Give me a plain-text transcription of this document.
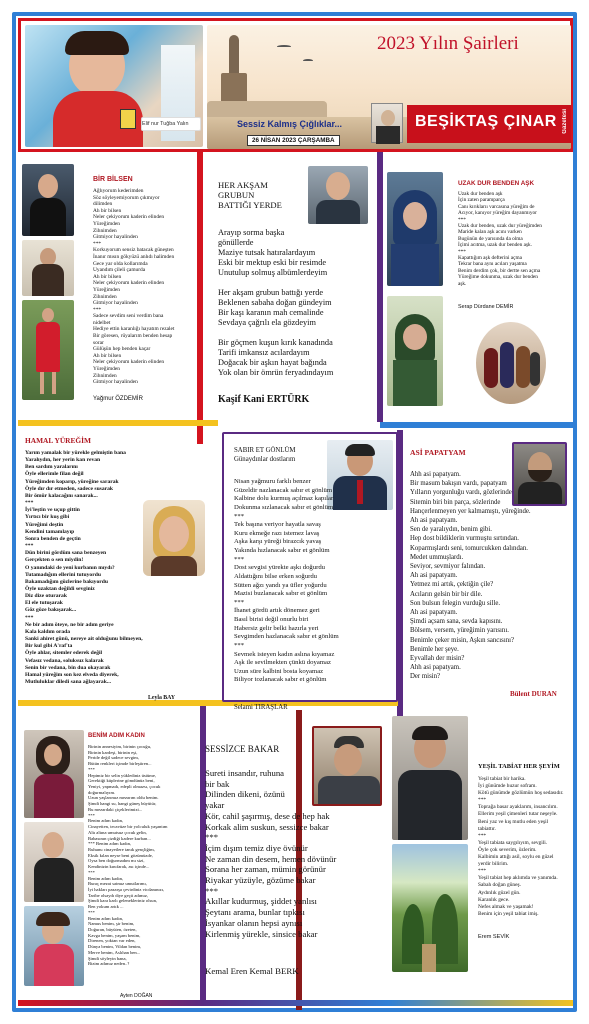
Elif nur Tuğba Yalın
2023 Yılın Şairleri
Sessiz Kalmış Çığlıklar...
26 NİSAN 2023 ÇARŞAMBA
BEŞİKTAŞ ÇINAR Gazetesi
BİR BİLSEN
Ağlıyorum kederimden
Söz söyleyemiyorum çıkmıyor
dilimden
Ah bir bilsen
Neler çekiyorum kaderin elinden
Yüreğimden
Zihnimden
Gitmiyor hayalinden
***
Korkuyorum sensiz batacak güneşten
İnanır mısın gökyüzü anlıdı halimden
Gece yar olda kollarımda
Uyandım çileli çamurda
Ah bir bilsen
Neler çekiyorum kaderin elinden
Yüreğimden
Zihnimden
Gitmiyor hayalinden
***
Sadece sevdim seni verdim bana
nidelbet
Hediye ettin karanlığı hayatım rezalet
Bir göresen, rüyalarım benden hesap
sorar
Gülüşün hep benden kaçar
Ah bir bilsen
Neler çekiyorum kaderin elinden
Yüreğimden
Zihnimden
Gitmiyor hayalinden
Yağmur ÖZDEMİR
HER AKŞAM
GRUBUN
BATTIĞI YERDE
Arayıp sorma başka
gönüllerde
Maziye tutsak hatıralardayım
Eski bir mektup eski bir resimde
Unutulup solmuş albümlerdeyim

Her akşam grubun battığı yerde
Beklenen sabaha doğan gündeyim
Bir kaşı karanın mah cemalinde
Sevdaya çağrılı ela gözdeyim

Bir göçmen kuşun kırık kanadında
Tarifi imkansız acılardayım
Doğacak bir aşkın hayat bağında
Yok olan bir ömrün feryadındayım
Kaşif Kani ERTÜRK
UZAK DUR BENDEN AŞK
Uzak dur benden aşk
İçin zaten paramparça
Canı kırıklarıı varcasına yüreğim de
Acıyor, kanıyor yüreğim dayanmıyor
***
Uzak dur benden, uzak dur yüreğimden
Maride kalan aşk acını varken
Bugünün de yarısında da olma
İçimi acıtma, uzak dur benden aşk.
***
Kapattığım aşk defterini açma
Tekrar bana aynı acıları yaşatma
Benim derdim çok, bir dertte sen açma
Yüreğime dokunma, uzak dur benden
aşk.
Serap Dürdane DEMİR
HAMAL YÜREĞİM
Yarım yamalak bir yürekle gelmiştin bana
Yaralıydın, her yerin kan revan
Ben sardım yaralarını
Öyle ellerimle filan değil
Yüreğimden koparıp, yüreğine sararak
Öyle dır dır etmeden, sadece susarak
Bir ömür kalacağını sanarak...
***
İyi'leştin ve uçup gittin
Yırtıcı bir kuş gibi
Yüreğimi deştin
Kendini tamamlayıp
Sonra benden de geçtin
***
Dün birini gördüm sana benzeyen
Gerçekten o sen miydin!
O yanındaki de yeni kurbanın mıydı?
Tutamadığım ellerini tutuyordu
Bakamadığım gözlerine bakıyordu
Öyle uzaktan değildi sevginiz
Diz dize oturarak
El ele tutuşarak
Göz göze bakışarak...
***
Ne bir adım öteye, ne bir adım geriye
Kala kaldım orada
Sanki ahiret günü, nereye ait olduğunu bilmeyen,
Bir kul gibi A'raf'ta
Öyle ahlar, sitemler ederek değil
Vefasız vedana, soluksuz kalarak
Senin bir vedana, bin dua okayarak
Hamal yüreğim son kez elveda diyerek,
Mutluluklar diledi sana ağlayarak...
Leyla BAY
SABIR ET GÖNLÜM
Günaydınlar dostlarım
Nisan yağmuru farklı benzer
Güzeldir nazlanacak sabır et gönlüm
Kalbine dolu kurmuş açılmaz kapılar
Dokunma sızlanacak sabır et gönlüm
***
Tek başına veriyor hayatla savaş
Kuru ekmeğe razı istemez lavaş
Aşka karşı yüreği birazcık yavaş
Yakında hızlanacak sabır et gönlüm
***
Dost sevgisi yürekte aşkı doğurdu
Aldattığını bilse erken soğurdu
Sütten ağzı yandı ya üfler yoğurdu
Mazisi buzlanacak sabır et gönlüm
***
İhanet gördü artık dönemez geri
Basıl birisi değil onurlu biri
Habersiz gelir belki hazırla yeri
Sevgimden hazlanacak sabır et gönlüm
***
Sevmek isteyen kadın aslına kıyamaz
Aşk ile sevilmekten çünkü doyamaz
Uzun süre kalbini bosta koyamaz
Biliyor tozlanacak sabır et gönlüm
Selami TIRAŞLAR
ASİ PAPATYAM
Ahh asi papatyam.
Bir masum bakışın vardı, papatyam
Yılların yorgunluğu vardı, gözlerinde
Sitemin biri bin parça, sözlerinde
Hançerlenmeyen yer kalmamıştı, yüreğinde.
Ah asi papatyam.
Sen de yaralıydın, benim gibi.
Hep dost bildiklerin vurmuştu sırtından.
Koparmışlardı seni, tomurcukken dalından.
Medet ummuşlardı.
Seviyor, sevmiyor falından.
Ah asi papatyam.
Yetmez mi artık, çektiğin çile?
Acıların gelsin bir bir dile.
Son bulsun felegin vurduğu sille.
Ah asi papatyam.
Şimdi açsam sana, sevda kapısını.
Bölsem, versem, yüreğimin yarısını.
Benimle çeker misin, Aşkın sancısını?
Benimle her şeye.
Eyvallah der misin?
Ahh asi papatyam.
Der misin?
Bülent DURAN
BENİM ADIM KADIN
Birinin annesiyim, birinin çocuğu,
Birinin kardeşi, birinin eşi,
Peride değil sadece sevgim,
Bütün renkleri içimde birleştiren...
***
Hepimiz bir selin yüklediniz üstüme,
Gerektiği küplerine gömdünüz beni,
Yeniyi, yapmadı, edepli olmazsı, çocuk
doğurmalıyım.
Uzun yaşlarımız mezarım oldu benim.
Şimdi hangi su, hangi güneş büyütür,
Bu mezardaki çiçeklerimizi...
***
Benim adım kadın,
Cinayetten, tecavüze bir yolculuk yaşantım
Altı altına umutsuz çocuk gelin,
Babasının çizdiği kadere kurban...
*** Benim adım kadın,
Ruhunu cinayetlere tanık gençliğim,
Eksik kılan neyse beni gözümüzde,
Oysa ben doğurmadım mı sizi,
Kendinizin kınıfarak, ası içinde...
***
Benim adım kadın,
Buraç mezat satmız umutlarımı,
İyi hakları pazarşa çevirdiniz vicdanınızı,
Taribe olsaydı diye geçti adımız,
Şimdi kara karlı gelenekleriniz olsun,
Ben yokum artık ...
***
Benim adım kadın,
Namus benim, şir benim,
Doğuran, büyüten, özeten,
Kavga benim, yaşam benim,
Direnen, yoktan var eden,
Dünya benim, Vildan benim,
Merve benim, Aslıhan ben...
Şimdi söyleyin bana,
Bizim adımız neden..?
Ayten DOĞAN
SESSİZCE BAKAR
Sureti insandır, ruhuna
bir bak
Dilinden dikeni, özünü
yakar
Kör, cahil şaşırmış, dese de hep hak
Korkak alim suskun, sessizce bakar
***
İçim dışım temiz diye övünür
Ne zaman din desem, hemen dövünür
Sorana her zaman, mümin görünür
Riyakar yüzüyle, gözüme bakar
***
Akıllar kudurmuş, şiddet yanlısı
Şeytanı arama, bunlar tıpkısı
İsyankar olanın hepsi aynısı
Kirlenmiş yürekle, sinsice bakar
Kemal Eren Kemal BERK
YEŞİL TABİAT HER ŞEYİM
Yeşil tabiat bir harika.
İyi günümde huzur sofram.
Kötü günümde gözlümün hoş sedasıdır.
***
Toprağa basar ayaklarım, insancılım.
Ellerim yeşil çimenleri tutar neşeyle.
Beni yaz ve kış mutlu eden yeşil
tabiattır.
***
Yeşil tabiata saygılıyım, sevgili.
Öyle çok severim, özlerim.
Kalbimin attığı asil, soylu en güzel
yerdir bilirim.
***
Yeşil tabiat hep aklımda ve yanımda.
Sabah doğan güneş.
Aydınlık güzel gün.
Karanlık gece.
Nefes almak ve yaşamak!
Benim için yeşil tabiat imiş.
Erem SEVİK
